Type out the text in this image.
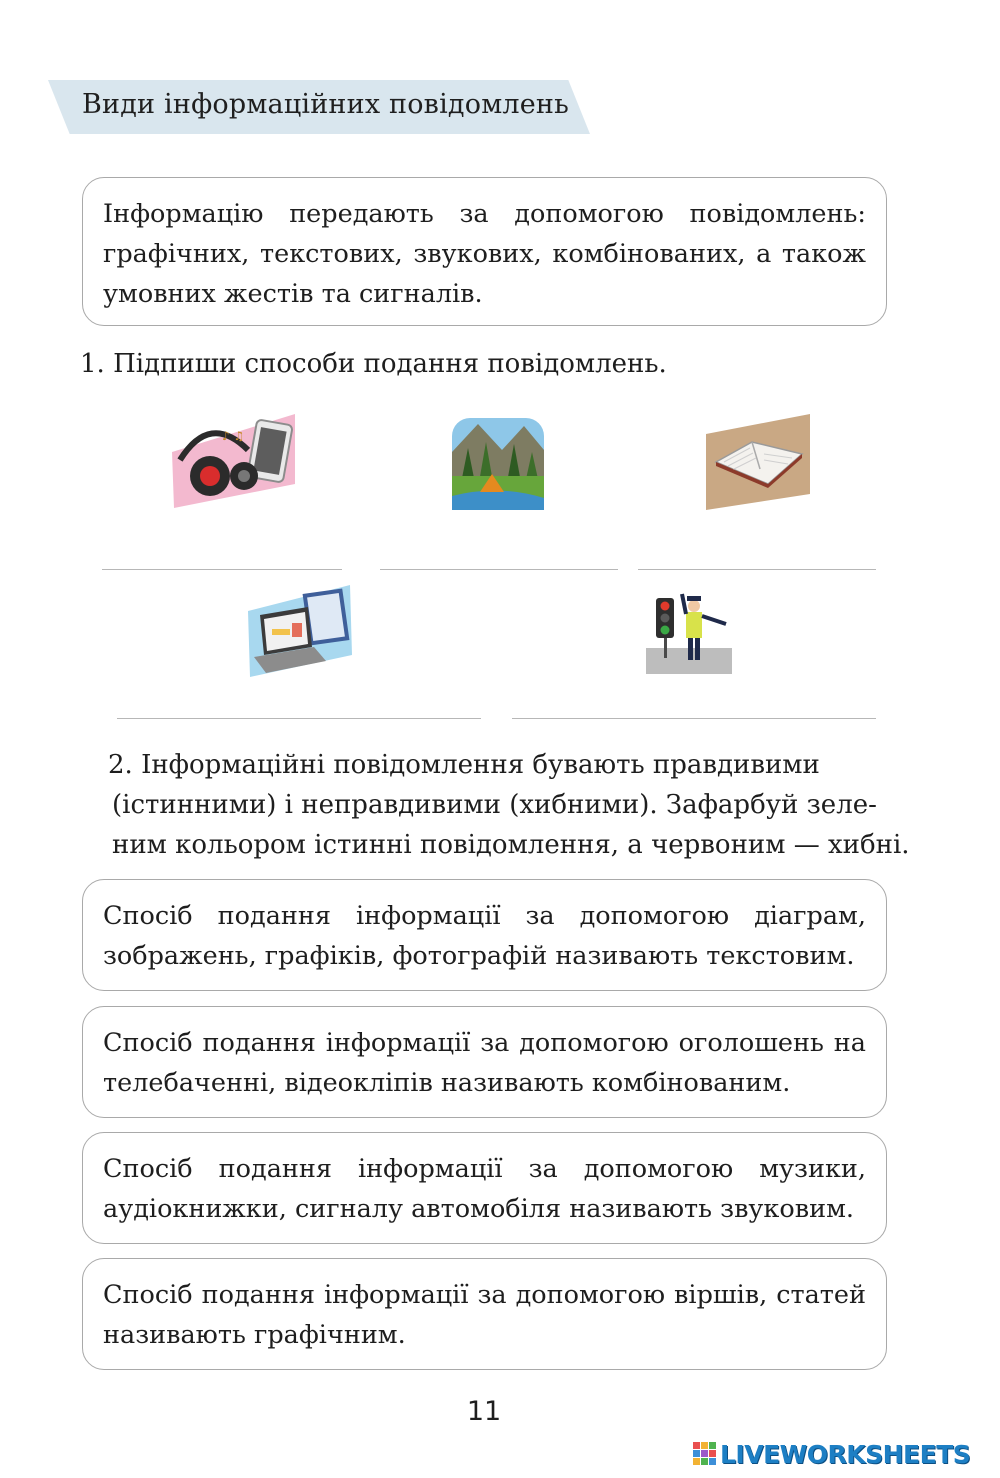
Види інформаційних повідомлень

Інформацію передають за допомогою повідомлень: графічних, текстових, звукових, комбінованих, а також умовних жестів та сигналів.

1. Підпиши способи подання повідомлень.
♪ ♫
2. Інформаційні повідомлення бувають правдивими
(істинними) і неправдивими (хибними). Зафарбуй зеле-
ним кольором істинні повідомлення, а червоним — хибні.

Спосіб подання інформації за допомогою діаграм, зображень, графіків, фотографій називають текстовим.

Спосіб подання інформації за допомогою оголошень на телебаченні, відеокліпів називають комбінованим.

Спосіб подання інформації за допомогою музики, аудіокнижки, сигналу автомобіля називають звуковим.

Спосіб подання інформації за допомогою віршів, статей називають графічним.

11
LIVEWORKSHEETS
